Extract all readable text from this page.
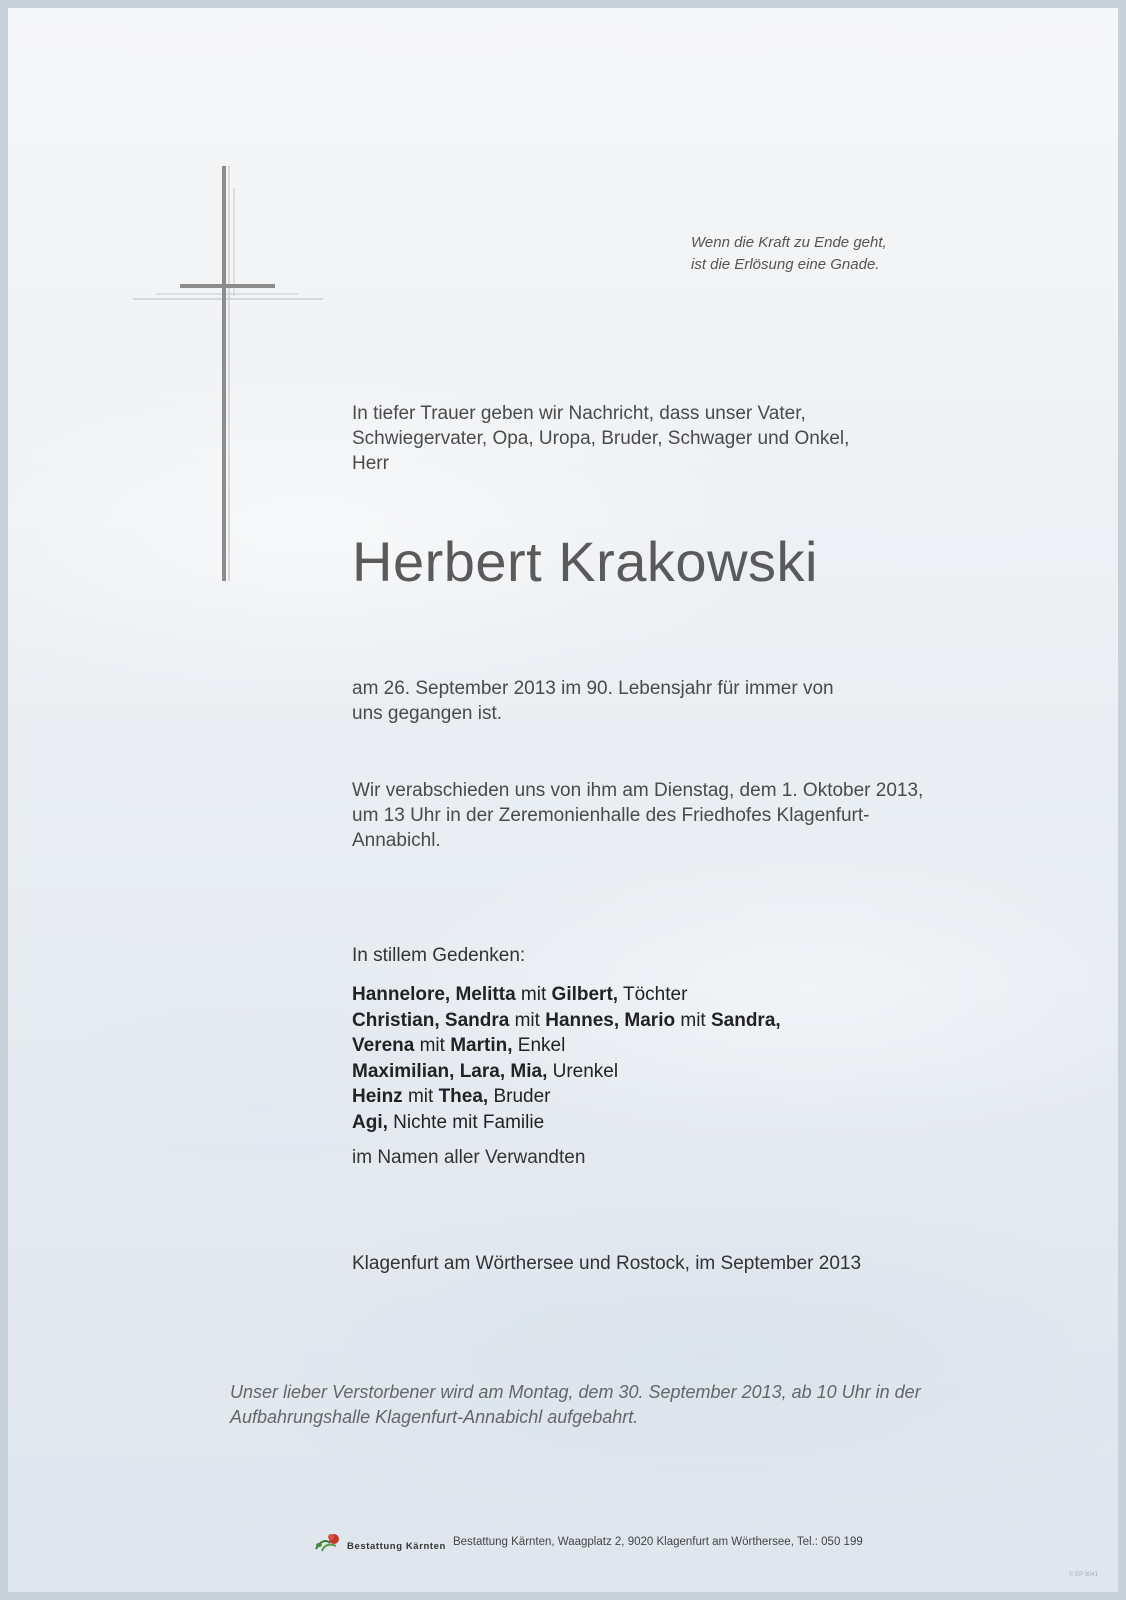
Wenn die Kraft zu Ende geht,
ist die Erlösung eine Gnade.
In tiefer Trauer geben wir Nachricht, dass unser Vater,
Schwiegervater, Opa, Uropa, Bruder, Schwager und Onkel,
Herr
Herbert Krakowski
am 26. September 2013 im 90. Lebensjahr für immer von
uns gegangen ist.
Wir verabschieden uns von ihm am Dienstag, dem 1. Oktober 2013,
um 13 Uhr in der Zeremonienhalle des Friedhofes Klagenfurt-
Annabichl.
In stillem Gedenken:
Hannelore, Melitta mit Gilbert, Töchter
Christian, Sandra mit Hannes, Mario mit Sandra,
Verena mit Martin, Enkel
Maximilian, Lara, Mia, Urenkel
Heinz mit Thea, Bruder
Agi, Nichte mit Familie
im Namen aller Verwandten
Klagenfurt am Wörthersee und Rostock, im September 2013
Unser lieber Verstorbener wird am Montag, dem 30. September 2013, ab 10 Uhr in der
Aufbahrungshalle Klagenfurt-Annabichl aufgebahrt.
Bestattung Kärnten Bestattung Kärnten, Waagplatz 2, 9020 Klagenfurt am Wörthersee, Tel.: 050 199
© EP 9041
